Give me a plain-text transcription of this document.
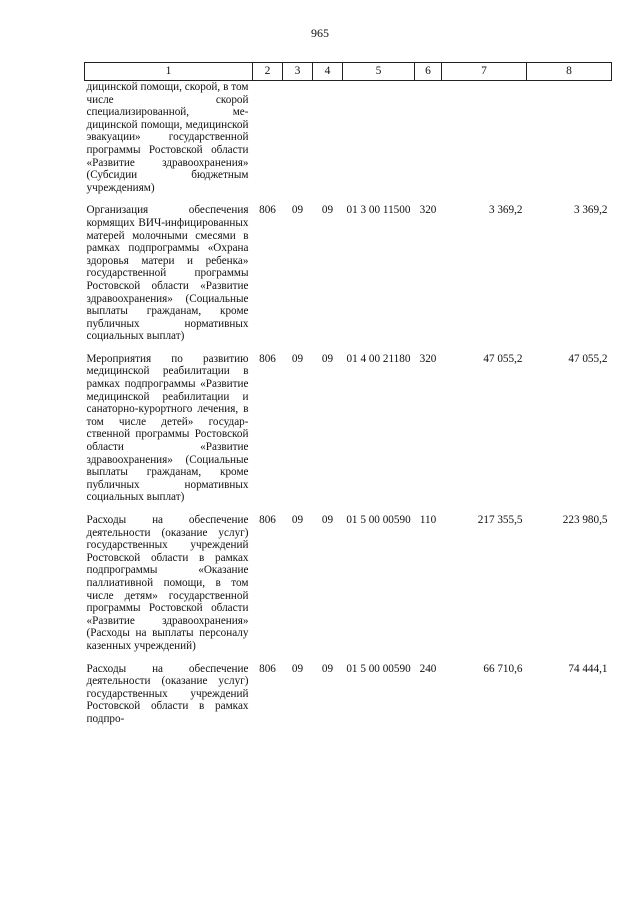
965
1	2	3	4	5	6	7	8
дицинской помощи, скорой, в том числе скорой специализированной, медицинской помощи, медицинской эвакуации» государственной программы Ростовской области «Развитие здравоохранения» (Субсидии бюджетным учреждениям)							

Организация обеспечения кормящих ВИЧ-инфицированных матерей молочными смесями в рамках подпрограммы «Охрана здоровья матери и ребенка» государственной программы Ростовской области «Развитие здравоохранения» (Социальные выплаты гражданам, кроме публичных нормативных социальных выплат)	806	09	09	01 3 00 11500	320	3 369,2	3 369,2

Мероприятия по развитию медицинской реабилитации в рамках подпрограммы «Развитие медицинской реабилитации и санаторно-курортного лечения, в том числе детей» государственной программы Ростовской области «Развитие здравоохранения» (Социальные выплаты гражданам, кроме публичных нормативных социальных выплат)	806	09	09	01 4 00 21180	320	47 055,2	47 055,2

Расходы на обеспечение деятельности (оказание услуг) государственных учреждений Ростовской области в рамках подпрограммы «Оказание паллиативной помощи, в том числе детям» государственной программы Ростовской области «Развитие здравоохранения» (Расходы на выплаты персоналу казенных учреждений)	806	09	09	01 5 00 00590	110	217 355,5	223 980,5

Расходы на обеспечение деятельности (оказание услуг) государственных учреждений Ростовской области в рамках подпро-	806	09	09	01 5 00 00590	240	66 710,6	74 444,1
